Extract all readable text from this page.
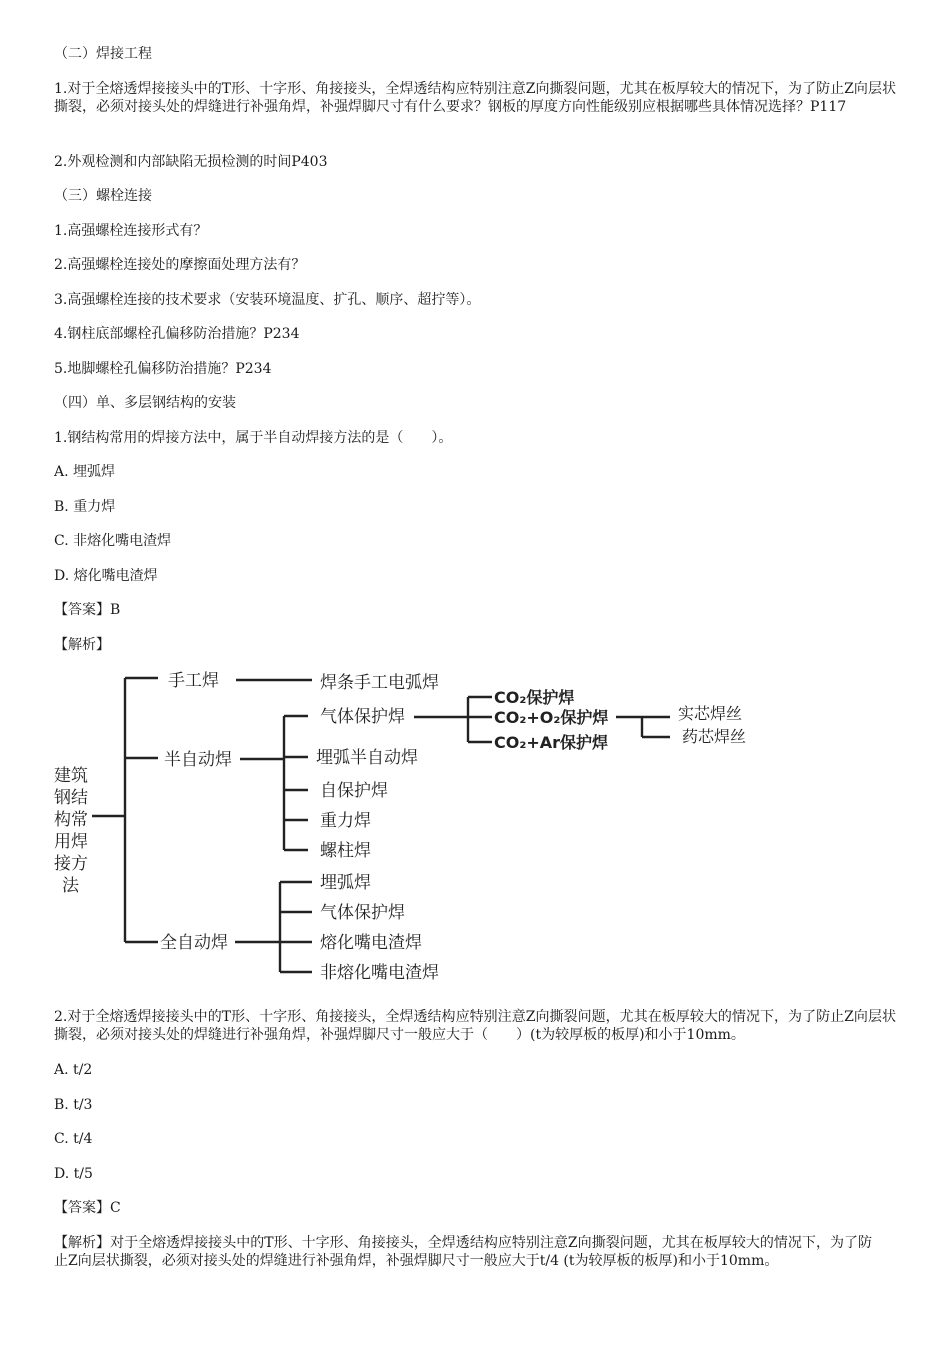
（二）焊接工程
1.对于全熔透焊接接头中的T形、十字形、角接接头，全焊透结构应特别注意Z向撕裂问题，尤其在板厚较大的情况下，为了防止Z向层状撕裂，必须对接头处的焊缝进行补强角焊，补强焊脚尺寸有什么要求？钢板的厚度方向性能级别应根据哪些具体情况选择？P117
2.外观检测和内部缺陷无损检测的时间P403
（三）螺栓连接
1.高强螺栓连接形式有？
2.高强螺栓连接处的摩擦面处理方法有？
3.高强螺栓连接的技术要求（安装环境温度、扩孔、顺序、超拧等）。
4.钢柱底部螺栓孔偏移防治措施？P234
5.地脚螺栓孔偏移防治措施？P234
（四）单、多层钢结构的安装
1.钢结构常用的焊接方法中，属于半自动焊接方法的是（　　）。
A. 埋弧焊
B. 重力焊
C. 非熔化嘴电渣焊
D. 熔化嘴电渣焊
【答案】B
【解析】
建筑
钢结
构常
用焊
接方
法
手工焊	焊条手工电弧焊
半自动焊
气体保护焊
埋弧半自动焊
自保护焊
重力焊
螺柱焊
全自动焊
埋弧焊
气体保护焊
熔化嘴电渣焊
非熔化嘴电渣焊
CO₂保护焊
CO₂+O₂保护焊
CO₂+Ar保护焊
实芯焊丝
药芯焊丝
2.对于全熔透焊接接头中的T形、十字形、角接接头，全焊透结构应特别注意Z向撕裂问题，尤其在板厚较大的情况下，为了防止Z向层状撕裂，必须对接头处的焊缝进行补强角焊，补强焊脚尺寸一般应大于（　　）(t为较厚板的板厚)和小于10mm。
A. t/2
B. t/3
C. t/4
D. t/5
【答案】C
【解析】对于全熔透焊接接头中的T形、十字形、角接接头，全焊透结构应特别注意Z向撕裂问题，尤其在板厚较大的情况下，为了防止Z向层状撕裂，必须对接头处的焊缝进行补强角焊，补强焊脚尺寸一般应大于t/4 (t为较厚板的板厚)和小于10mm。
